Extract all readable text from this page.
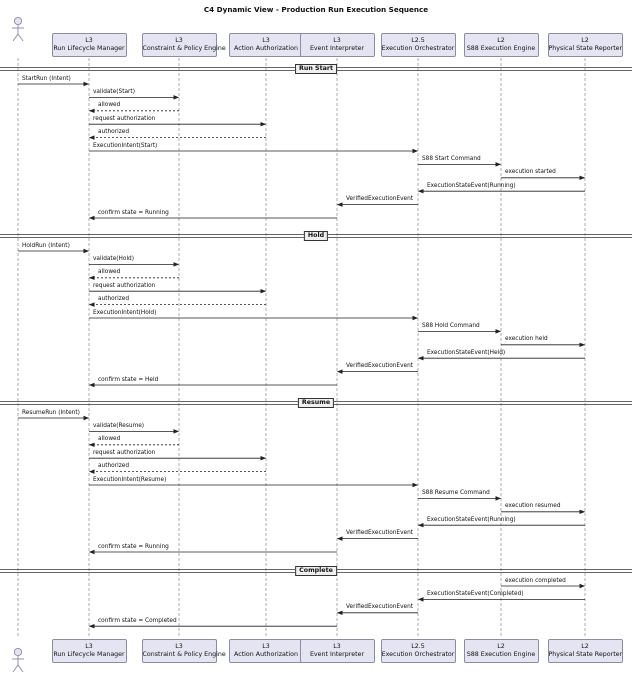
C4 Dynamic View - Production Run Execution Sequence
L3
Run Lifecycle Manager
L3
Run Lifecycle Manager
L3
Constraint & Policy Engine
L3
Constraint & Policy Engine
L3
Action Authorization
L3
Action Authorization
L3
Event Interpreter
L3
Event Interpreter
L2.5
Execution Orchestrator
L2.5
Execution Orchestrator
L2
S88 Execution Engine
L2
S88 Execution Engine
L2
Physical State Reporter
L2
Physical State Reporter
Run Start
StartRun (Intent)
validate(Start)
allowed
request authorization
authorized
ExecutionIntent(Start)
S88 Start Command
execution started
ExecutionStateEvent(Running)
VerifiedExecutionEvent
confirm state = Running
Hold
HoldRun (Intent)
validate(Hold)
allowed
request authorization
authorized
ExecutionIntent(Hold)
S88 Hold Command
execution held
ExecutionStateEvent(Held)
VerifiedExecutionEvent
confirm state = Held
Resume
ResumeRun (Intent)
validate(Resume)
allowed
request authorization
authorized
ExecutionIntent(Resume)
S88 Resume Command
execution resumed
ExecutionStateEvent(Running)
VerifiedExecutionEvent
confirm state = Running
Complete
execution completed
ExecutionStateEvent(Completed)
VerifiedExecutionEvent
confirm state = Completed
